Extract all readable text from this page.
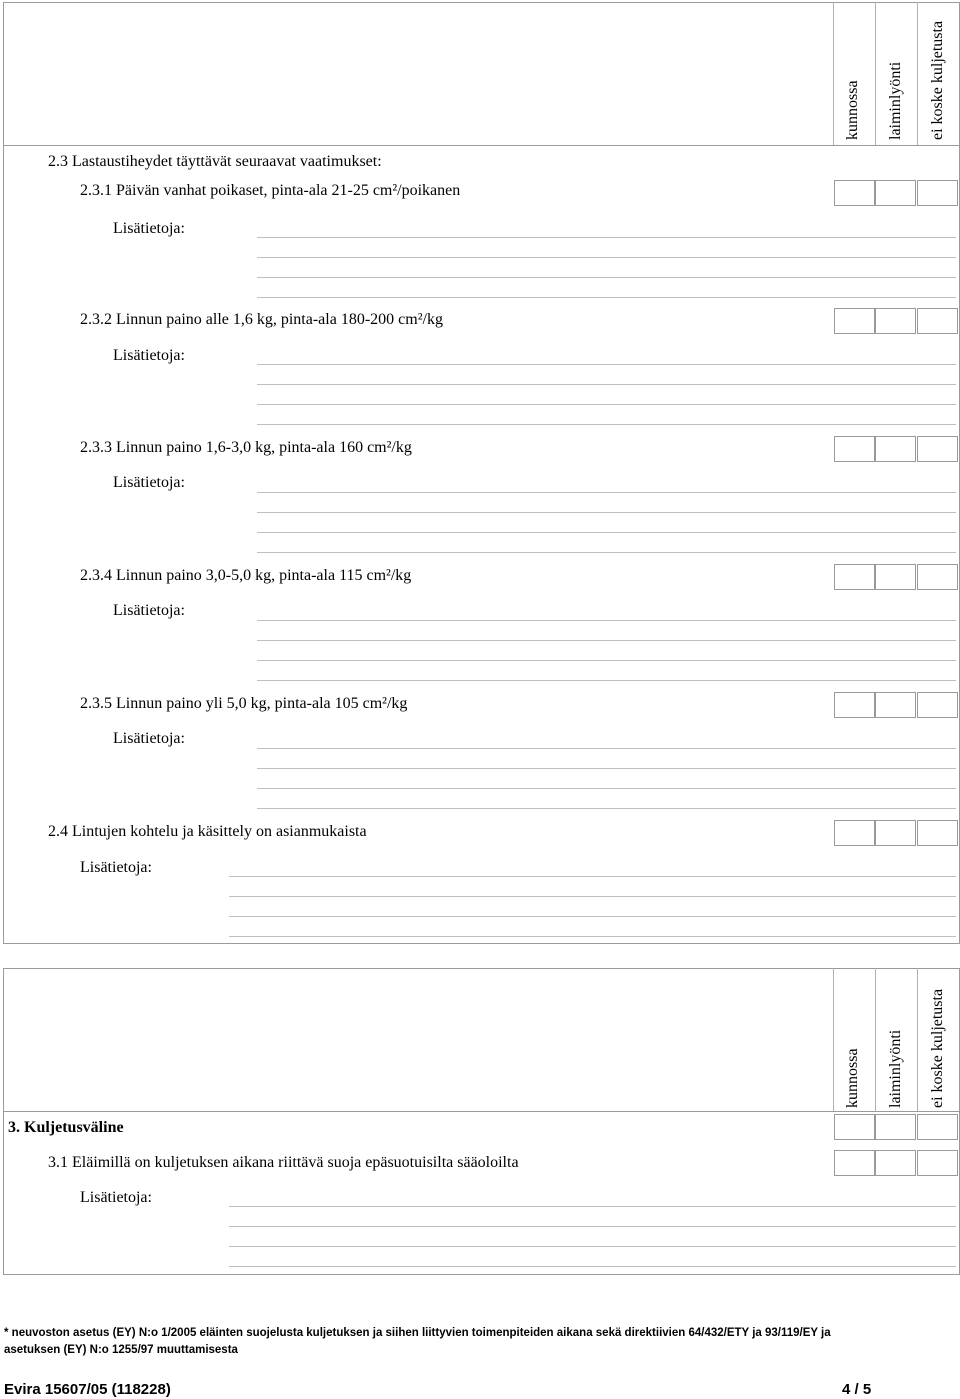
kunnossa laiminlyönti ei koske kuljetusta
2.3 Lastaustiheydet täyttävät seuraavat vaatimukset:
2.3.1 Päivän vanhat poikaset, pinta-ala 21-25 cm²/poikanen
Lisätietoja:
2.3.2 Linnun paino alle 1,6 kg, pinta-ala 180-200 cm²/kg
Lisätietoja:
2.3.3 Linnun paino 1,6-3,0 kg, pinta-ala 160 cm²/kg
Lisätietoja:
2.3.4 Linnun paino 3,0-5,0 kg, pinta-ala 115 cm²/kg
Lisätietoja:
2.3.5 Linnun paino yli 5,0 kg, pinta-ala 105 cm²/kg
Lisätietoja:
2.4 Lintujen kohtelu ja käsittely on asianmukaista
Lisätietoja:
kunnossa laiminlyönti ei koske kuljetusta
3. Kuljetusväline
3.1 Eläimillä on kuljetuksen aikana riittävä suoja epäsuotuisilta sääoloilta
Lisätietoja:
* neuvoston asetus (EY) N:o 1/2005 eläinten suojelusta kuljetuksen ja siihen liittyvien toimenpiteiden aikana sekä direktiivien 64/432/ETY ja 93/119/EY ja
asetuksen (EY) N:o 1255/97 muuttamisesta
Evira 15607/05 (118228)	4 / 5
